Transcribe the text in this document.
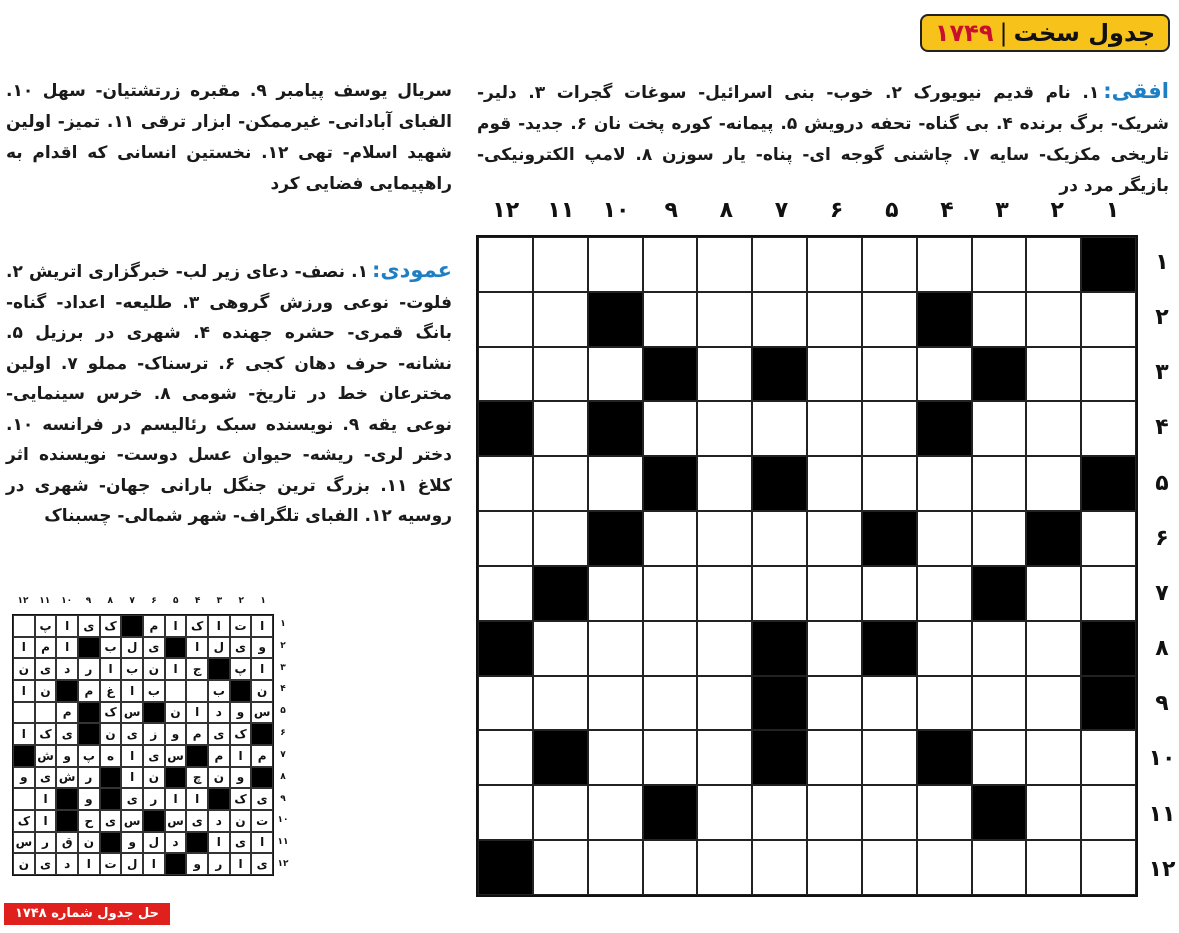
جدول سخت
|
۱۷۴۹
افقی:۱. نام قدیم نیویورک ۲. خوب- بنی اسرائیل- سوغات گجرات ۳. دلیر- شریک- برگ برنده ۴. بی گناه- تحفه درویش ۵. پیمانه- کوره پخت نان ۶. جدید- قوم تاریخی مکزیک- سایه ۷. چاشنی گوجه ای- پناه- یار سوزن ۸. لامپ الکترونیکی- بازیگر مرد در
سریال یوسف پیامبر ۹. مقبره زرتشتیان- سهل ۱۰. الفبای آبادانی- غیرممکن- ابزار ترقی ۱۱. تمیز- اولین شهید اسلام- تهی ۱۲. نخستین انسانی که اقدام به راهپیمایی فضایی کرد
عمودی:۱. نصف- دعای زیر لب- خبرگزاری اتریش ۲. فلوت- نوعی ورزش گروهی ۳. طلیعه- اعداد- گناه- بانگ قمری- حشره جهنده ۴. شهری در برزیل ۵. نشانه- حرف دهان کجی ۶. ترسناک- مملو ۷. اولین مخترعان خط در تاریخ- شومی ۸. خرس سینمایی- نوعی یقه ۹. نویسنده سبک رئالیسم در فرانسه ۱۰. دختر لری- ریشه- حیوان عسل دوست- نویسنده اثر کلاغ ۱۱. بزرگ ترین جنگل بارانی جهان- شهری در روسیه ۱۲. الفبای تلگراف- شهر شمالی- چسبناک
۱
۲
۳
۴
۵
۶
۷
۸
۹
۱۰
۱۱
۱۲
۱
۲
۳
۴
۵
۶
۷
۸
۹
۱۰
۱۱
۱۲
۱
۲
۳
۴
۵
۶
۷
۸
۹
۱۰
۱۱
۱۲
ا
ت
ا
ک
ا
م
ک
ی
ا
پ
و
ی
ل
ا
ی
ل
ب
ا
م
ا
ا
پ
ج
ا
ن
ب
ا
ر
د
ی
ن
ن
ب
ب
ا
غ
م
ن
ا
س
و
د
ا
ن
س
ک
م
ک
ی
م
و
ز
ی
ن
ی
ک
ا
م
ا
م
س
ی
ا
ه
پ
و
ش
و
ن
چ
ن
ا
ر
ش
ی
و
ی
ک
ا
ا
ر
ی
و
ا
ت
ن
د
ی
س
س
ی
ح
ا
ک
ا
ی
ا
د
ل
و
ن
ق
ر
س
ی
ا
ر
و
ا
ل
ت
ا
د
ی
ن
۱
۲
۳
۴
۵
۶
۷
۸
۹
۱۰
۱۱
۱۲
حل جدول شماره ۱۷۴۸
